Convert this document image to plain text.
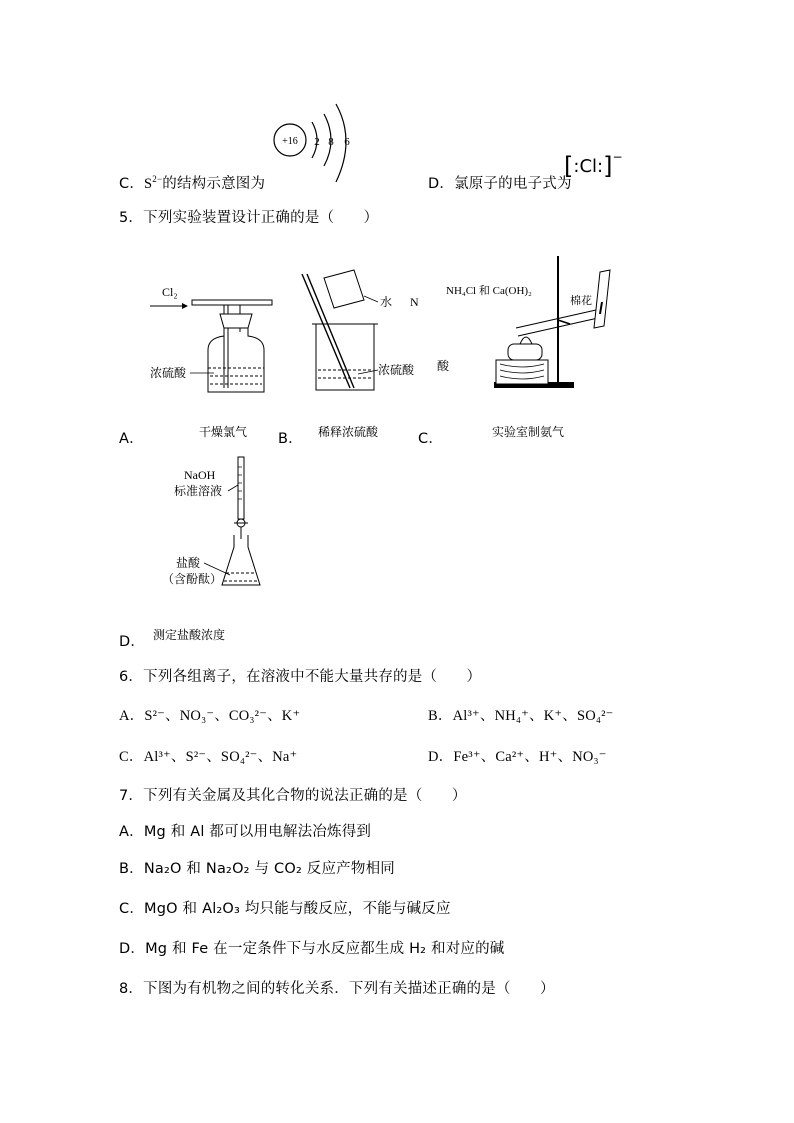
C．$S^{2-}$的结构示意图为
+16 2 8 6
D．氯原子的电子式为
[:Cl:]−
5．下列实验装置设计正确的是（　　）
Cl₂
浓硫酸
干燥氯气
A．
水
浓硫酸
N
酸
稀释浓硫酸
B．
NH₄Cl 和 Ca(OH)₂
棉花
实验室制氨气
C．
NaOH
标准溶液
盐酸
（含酚酞）
测定盐酸浓度
D．
6．下列各组离子，在溶液中不能大量共存的是（　　）
A．S²⁻、NO₃⁻、CO₃²⁻、K⁺	B．Al³⁺、NH₄⁺、K⁺、SO₄²⁻
C．Al³⁺、S²⁻、SO₄²⁻、Na⁺	D．Fe³⁺、Ca²⁺、H⁺、NO₃⁻
7．下列有关金属及其化合物的说法正确的是（　　）
A．Mg 和 Al 都可以用电解法冶炼得到
B．Na₂O 和 Na₂O₂ 与 CO₂ 反应产物相同
C．MgO 和 Al₂O₃ 均只能与酸反应，不能与碱反应
D．Mg 和 Fe 在一定条件下与水反应都生成 H₂ 和对应的碱
8．下图为有机物之间的转化关系．下列有关描述正确的是（　　）
